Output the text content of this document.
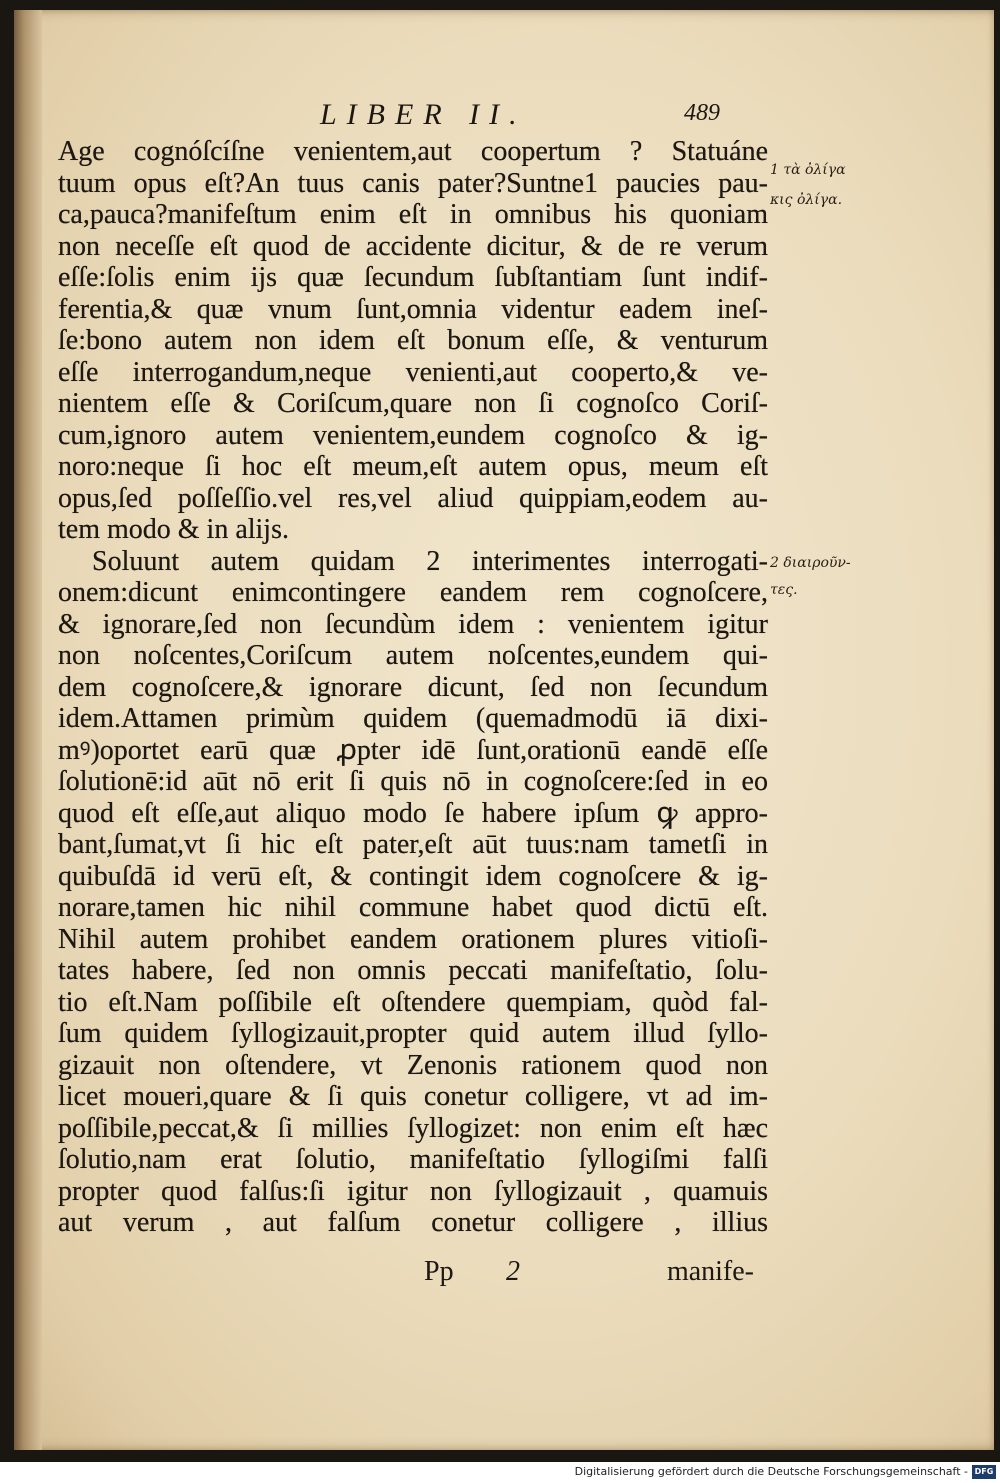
LIBER II.	489
Age cognóſcíſne venientem,aut coopertum ? Statuáne
tuum opus eſt?An tuus canis pater?Suntne1 paucies pau-
ca,pauca?manifeſtum enim eſt in omnibus his quoniam
non neceſſe eſt quod de accidente dicitur, & de re verum
eſſe:ſolis enim ijs quæ ſecundum ſubſtantiam ſunt indif-
ferentia,& quæ vnum ſunt,omnia videntur eadem ineſ-
ſe:bono autem non idem eſt bonum eſſe, & venturum
eſſe interrogandum,neque venienti,aut cooperto,& ve-
nientem eſſe & Coriſcum,quare non ſi cognoſco Coriſ-
cum,ignoro autem venientem,eundem cognoſco & ig-
noro:neque ſi hoc eſt meum,eſt autem opus, meum eſt
opus,ſed poſſeſſio.vel res,vel aliud quippiam,eodem au-
tem modo & in alijs.
Soluunt autem quidam 2 interimentes interrogati-
onem:dicunt enimcontingere eandem rem cognoſcere,
& ignorare,ſed non ſecundùm idem : venientem igitur
non noſcentes,Coriſcum autem noſcentes,eundem qui-
dem cognoſcere,& ignorare dicunt, ſed non ſecundum
idem.Attamen primùm quidem (quemadmodū iā dixi-
mꝰ)oportet earū quæ ꝓpter idē ſunt,orationū eandē eſſe
ſolutionē:id aūt nō erit ſi quis nō in cognoſcere:ſed in eo
quod eſt eſſe,aut aliquo modo ſe habere ipſum ꝙ appro-
bant,ſumat,vt ſi hic eſt pater,eſt aūt tuus:nam tametſi in
quibuſdā id verū eſt, & contingit idem cognoſcere & ig-
norare,tamen hic nihil commune habet quod dictū eſt.
Nihil autem prohibet eandem orationem plures vitioſi-
tates habere, ſed non omnis peccati manifeſtatio, ſolu-
tio eſt.Nam poſſibile eſt oſtendere quempiam, quòd fal-
ſum quidem ſyllogizauit,propter quid autem illud ſyllo-
gizauit non oſtendere, vt Zenonis rationem quod non
licet moueri,quare & ſi quis conetur colligere, vt ad im-
poſſibile,peccat,& ſi millies ſyllogizet: non enim eſt hæc
ſolutio,nam erat ſolutio, manifeſtatio ſyllogiſmi falſi
propter quod falſus:ſi igitur non ſyllogizauit , quamuis
aut verum , aut falſum conetur colligere , illius
1 τὰ ὀλίγα
κις ὀλίγα.
2 διαιροῦν-
τες.
Pp 2	manife-
Digitalisierung gefördert durch die Deutsche Forschungsgemeinschaft - DFG
